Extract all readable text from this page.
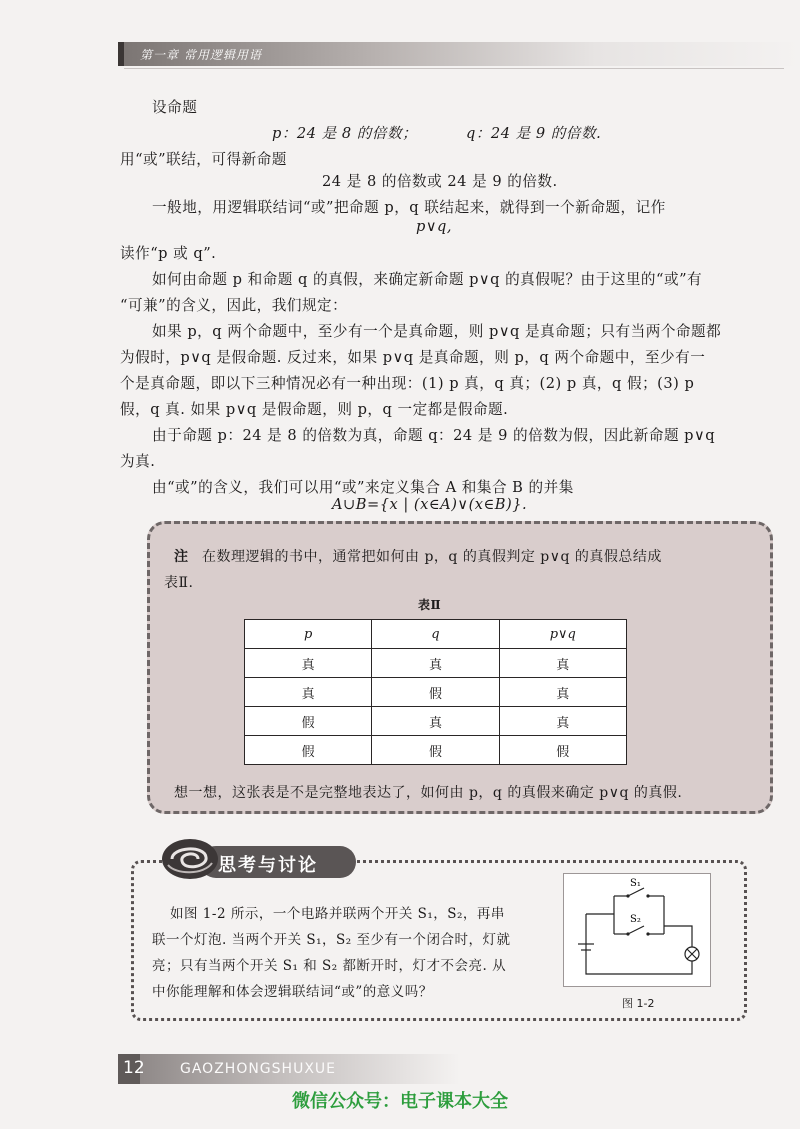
第一章 常用逻辑用语
设命题
p：24 是 8 的倍数；	q：24 是 9 的倍数.
用“或”联结，可得新命题
24 是 8 的倍数或 24 是 9 的倍数.
一般地，用逻辑联结词“或”把命题 p，q 联结起来，就得到一个新命题，记作
p∨q,
读作“p 或 q”.
如何由命题 p 和命题 q 的真假，来确定新命题 p∨q 的真假呢？由于这里的“或”有
“可兼”的含义，因此，我们规定：
如果 p，q 两个命题中，至少有一个是真命题，则 p∨q 是真命题；只有当两个命题都
为假时，p∨q 是假命题. 反过来，如果 p∨q 是真命题，则 p，q 两个命题中，至少有一
个是真命题，即以下三种情况必有一种出现：(1) p 真，q 真；(2) p 真，q 假；(3) p
假，q 真. 如果 p∨q 是假命题，则 p，q 一定都是假命题.
由于命题 p：24 是 8 的倍数为真，命题 q：24 是 9 的倍数为假，因此新命题 p∨q
为真.
由“或”的含义，我们可以用“或”来定义集合 A 和集合 B 的并集
A∪B={x | (x∈A)∨(x∈B)}.
注 在数理逻辑的书中，通常把如何由 p，q 的真假判定 p∨q 的真假总结成
表Ⅱ.
表Ⅱ
p	q	p∨q
真	真	真
真	假	真
假	真	真
假	假	假
想一想，这张表是不是完整地表达了，如何由 p，q 的真假来确定 p∨q 的真假.
思考与讨论
如图 1-2 所示，一个电路并联两个开关 S₁，S₂，再串
联一个灯泡. 当两个开关 S₁，S₂ 至少有一个闭合时，灯就
亮；只有当两个开关 S₁ 和 S₂ 都断开时，灯才不会亮. 从
中你能理解和体会逻辑联结词“或”的意义吗？
S₁
S₂
图 1-2
12	GAOZHONGSHUXUE
微信公众号：电子课本大全
